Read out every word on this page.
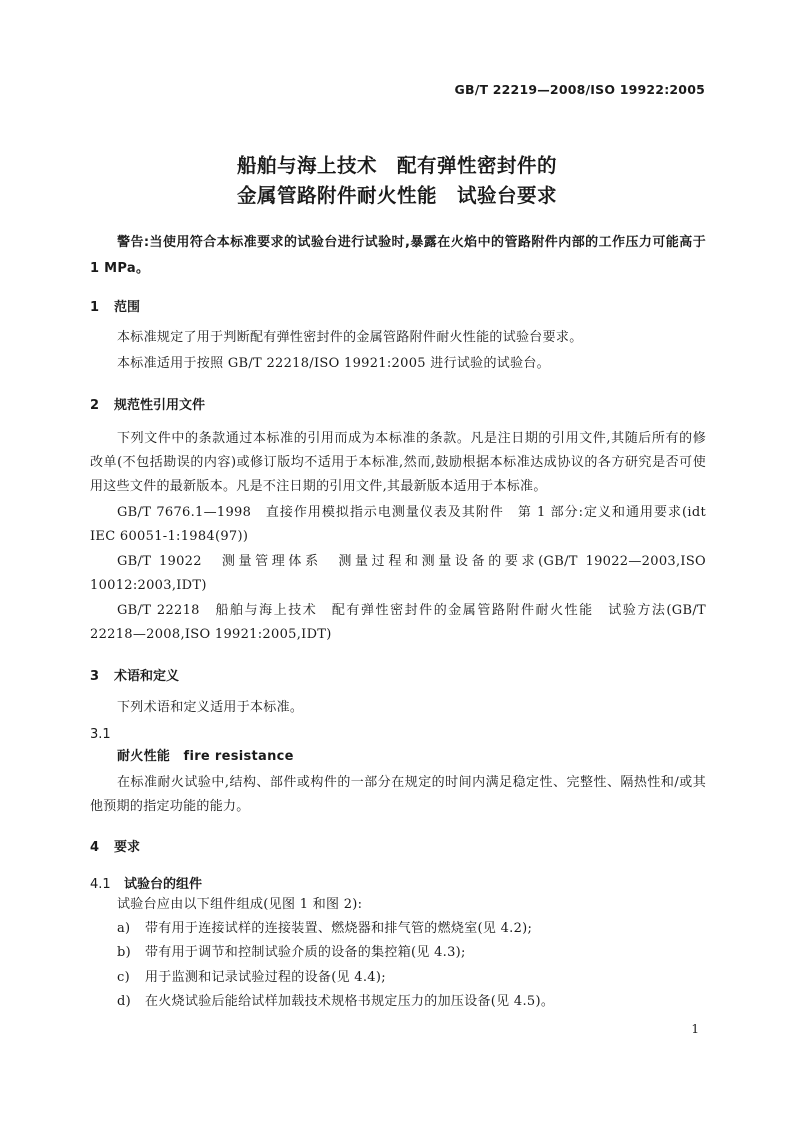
GB/T 22219—2008/ISO 19922:2005
船舶与海上技术　配有弹性密封件的
金属管路附件耐火性能　试验台要求
警告:当使用符合本标准要求的试验台进行试验时,暴露在火焰中的管路附件内部的工作压力可能高于 1 MPa。
1 范围
本标准规定了用于判断配有弹性密封件的金属管路附件耐火性能的试验台要求。
本标准适用于按照 GB/T 22218/ISO 19921:2005 进行试验的试验台。
2 规范性引用文件
下列文件中的条款通过本标准的引用而成为本标准的条款。凡是注日期的引用文件,其随后所有的修改单(不包括勘误的内容)或修订版均不适用于本标准,然而,鼓励根据本标准达成协议的各方研究是否可使用这些文件的最新版本。凡是不注日期的引用文件,其最新版本适用于本标准。
GB/T 7676.1—1998　直接作用模拟指示电测量仪表及其附件　第 1 部分:定义和通用要求(idt IEC 60051-1:1984(97))
GB/T 19022　测量管理体系　测量过程和测量设备的要求(GB/T 19022—2003,ISO 10012:2003,IDT)
GB/T 22218　船舶与海上技术　配有弹性密封件的金属管路附件耐火性能　试验方法(GB/T 22218—2008,ISO 19921:2005,IDT)
3 术语和定义
下列术语和定义适用于本标准。
3.1
耐火性能　fire resistance
在标准耐火试验中,结构、部件或构件的一部分在规定的时间内满足稳定性、完整性、隔热性和/或其他预期的指定功能的能力。
4 要求
4.1 试验台的组件
试验台应由以下组件组成(见图 1 和图 2):
a) 带有用于连接试样的连接装置、燃烧器和排气管的燃烧室(见 4.2);
b) 带有用于调节和控制试验介质的设备的集控箱(见 4.3);
c) 用于监测和记录试验过程的设备(见 4.4);
d) 在火烧试验后能给试样加载技术规格书规定压力的加压设备(见 4.5)。
1
